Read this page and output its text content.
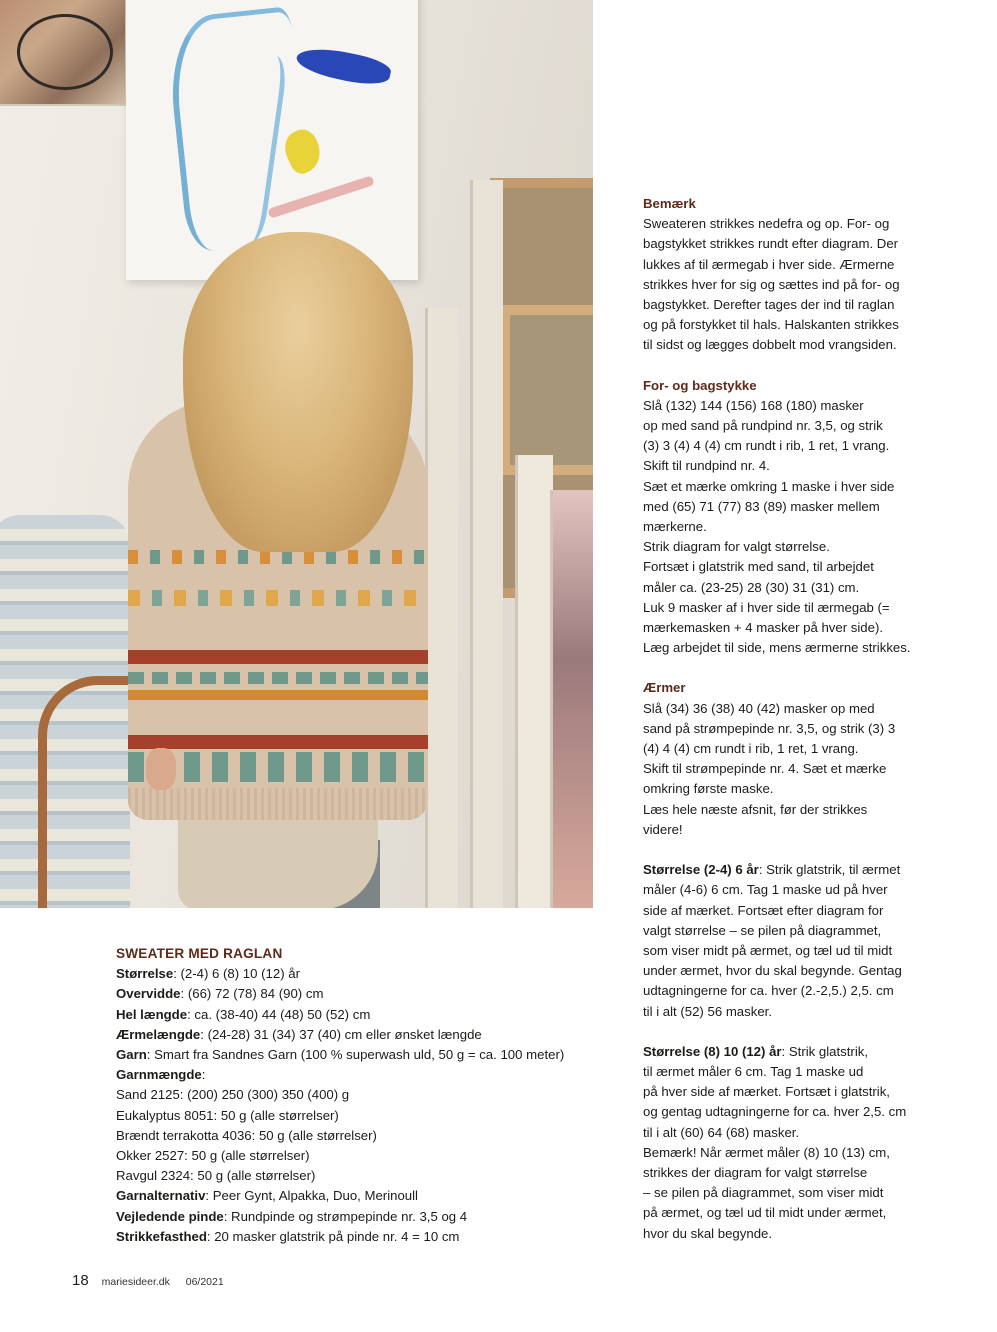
Bemærk

Sweateren strikkes nedefra og op. For- og

bagstykket strikkes rundt efter diagram. Der

lukkes af til ærmegab i hver side. Ærmerne

strikkes hver for sig og sættes ind på for- og

bagstykket. Derefter tages der ind til raglan

og på forstykket til hals. Halskanten strikkes

til sidst og lægges dobbelt mod vrangsiden.

For- og bagstykke

Slå (132) 144 (156) 168 (180) masker

op med sand på rundpind nr. 3,5, og strik

(3) 3 (4) 4 (4) cm rundt i rib, 1 ret, 1 vrang.

Skift til rundpind nr. 4.

Sæt et mærke omkring 1 maske i hver side

med (65) 71 (77) 83 (89) masker mellem

mærkerne.

Strik diagram for valgt størrelse.

Fortsæt i glatstrik med sand, til arbejdet

måler ca. (23-25) 28 (30) 31 (31) cm.

Luk 9 masker af i hver side til ærmegab (=

mærkemasken + 4 masker på hver side).

Læg arbejdet til side, mens ærmerne strikkes.

Ærmer

Slå (34) 36 (38) 40 (42) masker op med

sand på strømpepinde nr. 3,5, og strik (3) 3

(4) 4 (4) cm rundt i rib, 1 ret, 1 vrang.

Skift til strømpepinde nr. 4. Sæt et mærke

omkring første maske.

Læs hele næste afsnit, før der strikkes

videre!

Størrelse (2-4) 6 år: Strik glatstrik, til ærmet

måler (4-6) 6 cm. Tag 1 maske ud på hver

side af mærket. Fortsæt efter diagram for

valgt størrelse – se pilen på diagrammet,

som viser midt på ærmet, og tæl ud til midt

under ærmet, hvor du skal begynde. Gentag

udtagningerne for ca. hver (2.-2,5.) 2,5. cm

til i alt (52) 56 masker.

Størrelse (8) 10 (12) år: Strik glatstrik,

til ærmet måler 6 cm. Tag 1 maske ud

på hver side af mærket. Fortsæt i glatstrik,

og gentag udtagningerne for ca. hver 2,5. cm

til i alt (60) 64 (68) masker.

Bemærk! Når ærmet måler (8) 10 (13) cm,

strikkes der diagram for valgt størrelse

– se pilen på diagrammet, som viser midt

på ærmet, og tæl ud til midt under ærmet,

hvor du skal begynde.

SWEATER MED RAGLAN

Størrelse: (2-4) 6 (8) 10 (12) år

Overvidde: (66) 72 (78) 84 (90) cm

Hel længde: ca. (38-40) 44 (48) 50 (52) cm

Ærmelængde: (24-28) 31 (34) 37 (40) cm eller ønsket længde

Garn: Smart fra Sandnes Garn (100 % superwash uld, 50 g = ca. 100 meter)

Garnmængde:

Sand 2125: (200) 250 (300) 350 (400) g

Eukalyptus 8051: 50 g (alle størrelser)

Brændt terrakotta 4036: 50 g (alle størrelser)

Okker 2527: 50 g (alle størrelser)

Ravgul 2324: 50 g (alle størrelser)

Garnalternativ: Peer Gynt, Alpakka, Duo, Merinoull

Vejledende pinde: Rundpinde og strømpepinde nr. 3,5 og 4

Strikkefasthed: 20 masker glatstrik på pinde nr. 4 = 10 cm

18 mariesideer.dk 06/2021
